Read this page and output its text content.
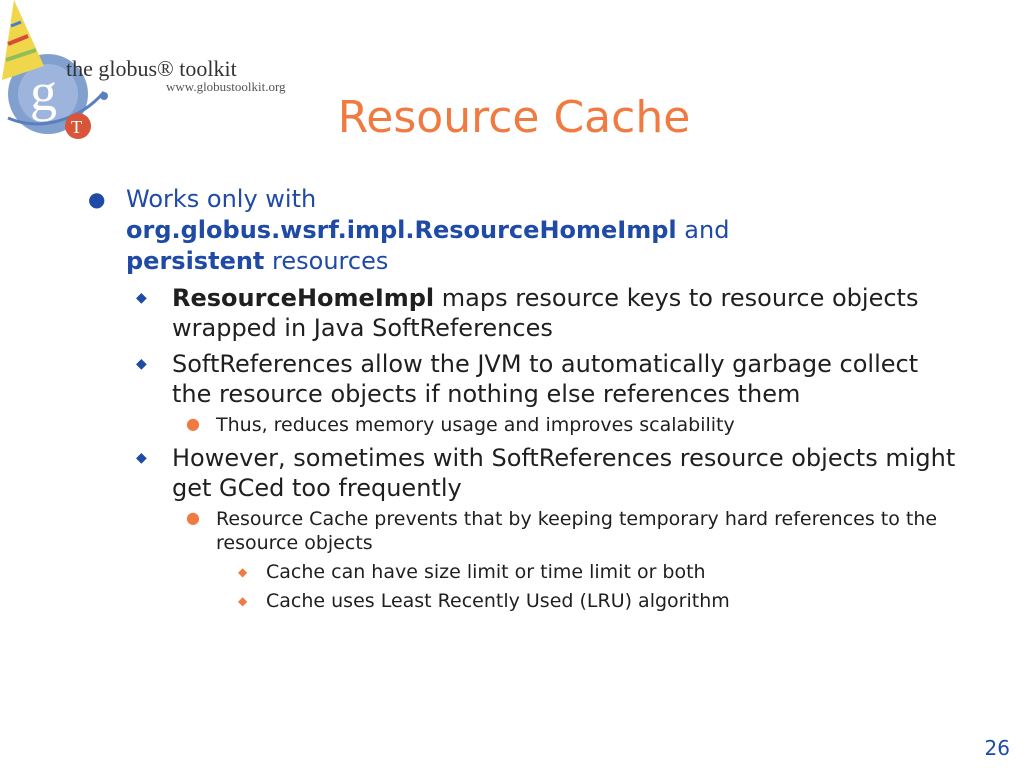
g
T
the globus® toolkit
www.globustoolkit.org
Resource Cache
● Works only with
org.globus.wsrf.impl.ResourceHomeImpl and
persistent resources
◆ ResourceHomeImpl maps resource keys to resource objects wrapped in Java SoftReferences
◆ SoftReferences allow the JVM to automatically garbage collect the resource objects if nothing else references them
● Thus, reduces memory usage and improves scalability
◆ However, sometimes with SoftReferences resource objects might get GCed too frequently
● Resource Cache prevents that by keeping temporary hard references to the resource objects
◆ Cache can have size limit or time limit or both
◆ Cache uses Least Recently Used (LRU) algorithm
26
